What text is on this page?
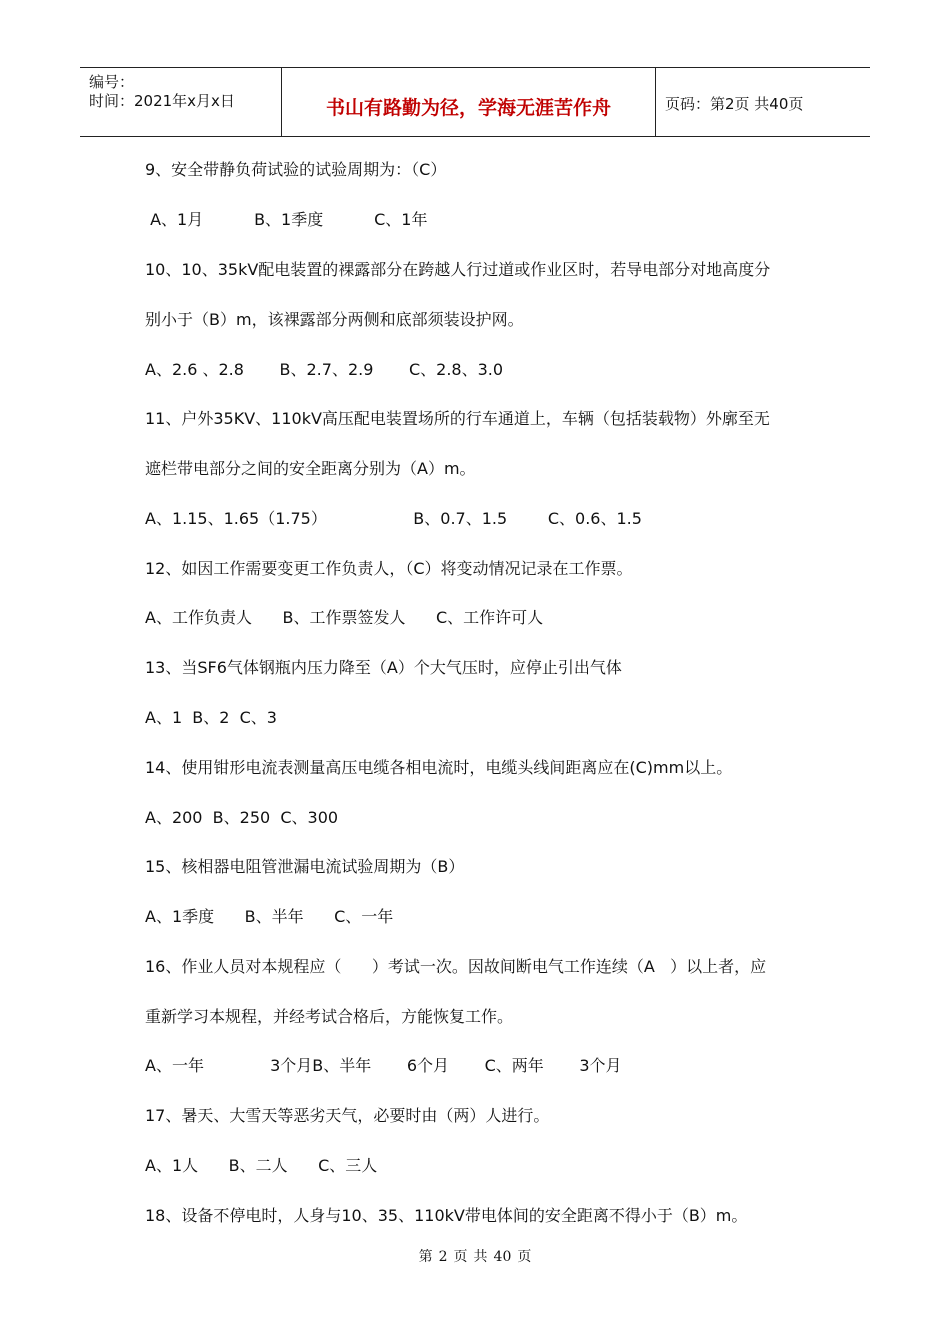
编号：
时间：2021年x月x日	书山有路勤为径，学海无涯苦作舟	页码：第2页 共40页
9、安全带静负荷试验的试验周期为：（C）
A、1月          B、1季度          C、1年
10、10、35kV配电装置的裸露部分在跨越人行过道或作业区时，若导电部分对地高度分
别小于（B）m，该裸露部分两侧和底部须装设护网。
A、2.6 、2.8       B、2.7、2.9       C、2.8、3.0
11、户外35KV、110kV高压配电装置场所的行车通道上，车辆（包括装载物）外廓至无
遮栏带电部分之间的安全距离分别为（A）m。
A、1.15、1.65（1.75）                 B、0.7、1.5        C、0.6、1.5
12、如因工作需要变更工作负责人，（C）将变动情况记录在工作票。
A、工作负责人      B、工作票签发人      C、工作许可人
13、当SF6气体钢瓶内压力降至（A）个大气压时，应停止引出气体
A、1  B、2  C、3
14、使用钳形电流表测量高压电缆各相电流时，电缆头线间距离应在(C)mm以上。
A、200  B、250  C、300
15、核相器电阻管泄漏电流试验周期为（B）
A、1季度      B、半年      C、一年
16、作业人员对本规程应（      ）考试一次。因故间断电气工作连续（A   ）以上者，应
重新学习本规程，并经考试合格后，方能恢复工作。
A、一年             3个月B、半年       6个月       C、两年       3个月
17、暑天、大雪天等恶劣天气，必要时由（两）人进行。
A、1人      B、二人      C、三人
18、设备不停电时，人身与10、35、110kV带电体间的安全距离不得小于（B）m。
第 2 页 共 40 页
